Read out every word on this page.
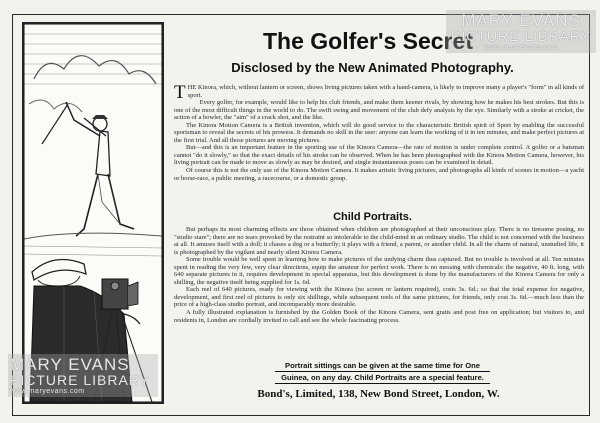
The Golfer's Secret
Disclosed by the New Animated Photography.

THE Kinora, which, without lantern or screen, shows living pictures taken with a hand-camera, is likely to improve many a player's "form" in all kinds of sport.

Every golfer, for example, would like to help his club friends, and make them keener rivals, by showing how he makes his best strokes. But this is one of the most difficult things in the world to do. The swift swing and movement of the club defy analysis by the eye. Similarly with a stroke at cricket, the action of a bowler, the "aim" of a crack shot, and the like.

The Kinora Motion Camera is a British invention, which will do good service to the characteristic British spirit of Sport by enabling the successful sportsman to reveal the secrets of his prowess. It demands no skill in the user: anyone can learn the working of it in ten minutes, and make perfect pictures at the first trial. And all those pictures are moving pictures.

But—and this is an important feature in the sporting use of the Kinora Camera—the rate of motion is under complete control. A golfer or a batsman cannot "do it slowly," so that the exact details of his stroke can be observed. When he has been photographed with the Kinora Motion Camera, however, his living portrait can be made to move as slowly as may be desired, and single instantaneous poses can be examined in detail.

Of course this is not the only use of the Kinora Motion Camera. It makes artistic living pictures, and photographs all kinds of scenes in motion—a yacht or horse-race, a public meeting, a racecourse, or a domestic group.

Child Portraits.

But perhaps its most charming effects are those obtained when children are photographed at their unconscious play. There is no tiresome posing, no "studio stare"; there are no tears provoked by the restraint so intolerable to the child-mind in an ordinary studio. The child is not concerned with the business at all. It amuses itself with a doll; it chases a dog or a butterfly; it plays with a friend, a parent, or another child. In all the charm of natural, unstudied life, it is photographed by the vigilant and nearly silent Kinora Camera.

Some trouble would be well spent in learning how to make pictures of the undying charm thus captured. But no trouble is involved at all. Ten minutes spent in reading the very few, very clear directions, equip the amateur for perfect work. There is no messing with chemicals: the negative, 40 ft. long, with 640 separate pictures in it, requires development in special apparatus, but this development is done by the manufacturers of the Kinora Camera for only a shilling, the negative itself being supplied for 1s. 6d.

Each reel of 640 pictures, ready for viewing with the Kinora (no screen or lantern required), costs 3s. 6d.; so that the total expense for negative, development, and first reel of pictures is only six shillings, while subsequent reels of the same pictures, for friends, only cost 3s. 6d.—much less than the price of a high-class studio portrait, and incomparably more desirable.

A fully illustrated explanation is furnished by the Golden Book of the Kinora Camera, sent gratis and post free on application; but visitors to, and residents in, London are cordially invited to call and see the whole fascinating process.

Portrait sittings can be given at the same time for One
Guinea, on any day. Child Portraits are a special feature.
Bond's, Limited, 138, New Bond Street, London, W.
MARY EVANS
PICTURE LIBRARY
www.maryevans.com
MARY EVANS
PICTURE LIBRARY
www.maryevans.com
